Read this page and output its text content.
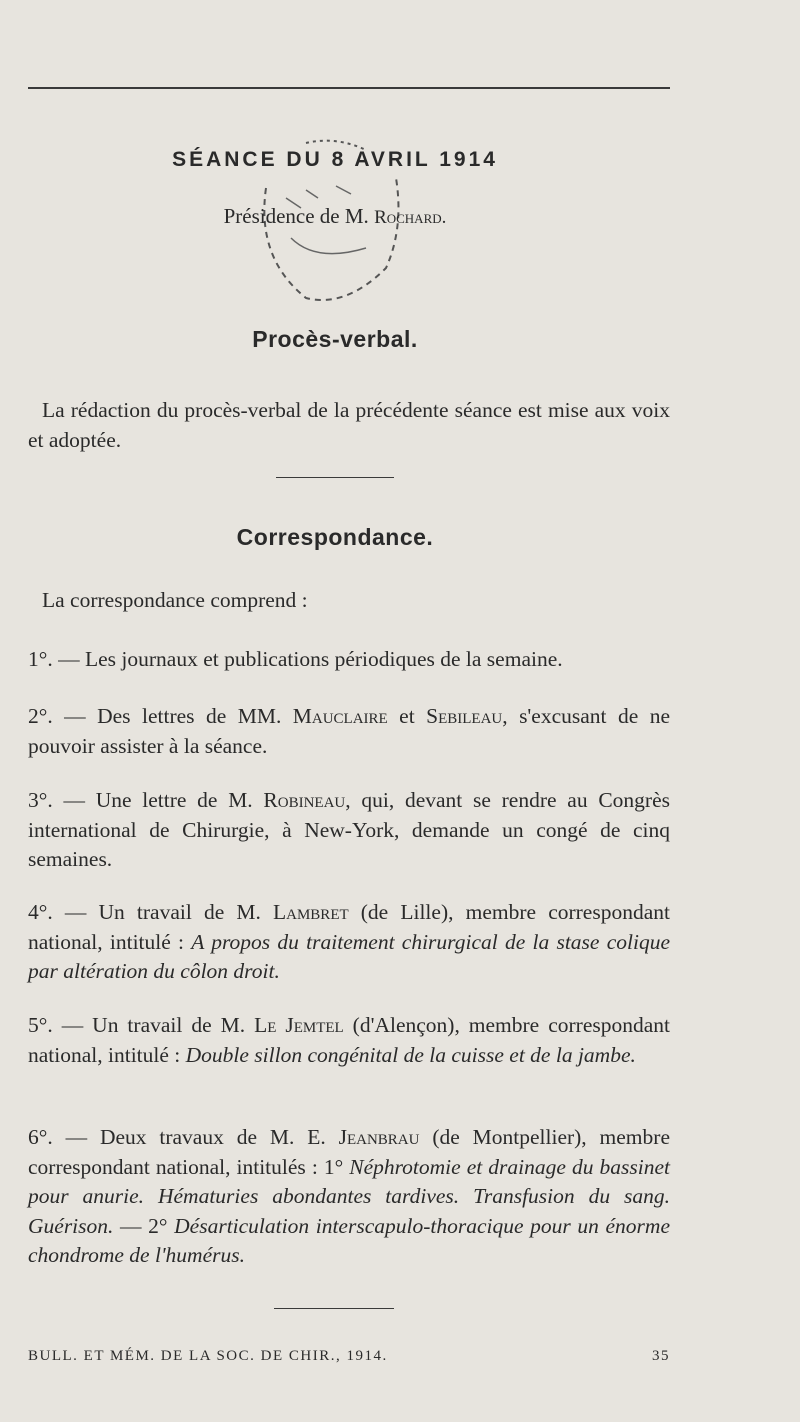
SÉANCE DU 8 AVRIL 1914
Présidence de M. Rochard.
Procès-verbal.
La rédaction du procès-verbal de la précédente séance est mise aux voix et adoptée.
Correspondance.
La correspondance comprend :
1°. — Les journaux et publications périodiques de la semaine.
2°. — Des lettres de MM. Mauclaire et Sebileau, s'excusant de ne pouvoir assister à la séance.
3°. — Une lettre de M. Robineau, qui, devant se rendre au Congrès international de Chirurgie, à New-York, demande un congé de cinq semaines.
4°. — Un travail de M. Lambret (de Lille), membre correspondant national, intitulé : A propos du traitement chirurgical de la stase colique par altération du côlon droit.
5°. — Un travail de M. Le Jemtel (d'Alençon), membre correspondant national, intitulé : Double sillon congénital de la cuisse et de la jambe.
6°. — Deux travaux de M. E. Jeanbrau (de Montpellier), membre correspondant national, intitulés : 1° Néphrotomie et drainage du bassinet pour anurie. Hématuries abondantes tardives. Transfusion du sang. Guérison. — 2° Désarticulation interscapulo-thoracique pour un énorme chondrome de l'humérus.
BULL. ET MÉM. DE LA SOC. DE CHIR., 1914.	35
